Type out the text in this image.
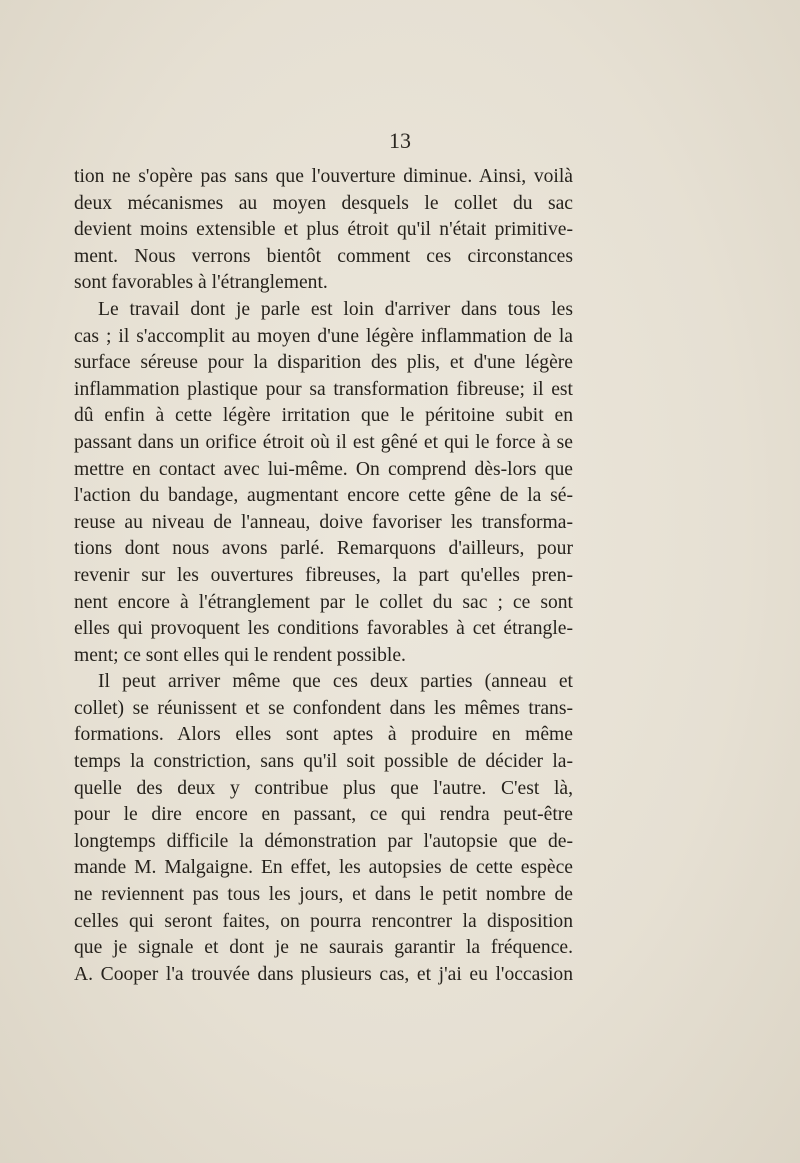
13
tion ne s'opère pas sans que l'ouverture diminue. Ainsi, voilà
deux mécanismes au moyen desquels le collet du sac
devient moins extensible et plus étroit qu'il n'était primitive-
ment. Nous verrons bientôt comment ces circonstances
sont favorables à l'étranglement.
Le travail dont je parle est loin d'arriver dans tous les
cas ; il s'accomplit au moyen d'une légère inflammation de la
surface séreuse pour la disparition des plis, et d'une légère
inflammation plastique pour sa transformation fibreuse; il est
dû enfin à cette légère irritation que le péritoine subit en
passant dans un orifice étroit où il est gêné et qui le force à se
mettre en contact avec lui-même. On comprend dès-lors que
l'action du bandage, augmentant encore cette gêne de la sé-
reuse au niveau de l'anneau, doive favoriser les transforma-
tions dont nous avons parlé. Remarquons d'ailleurs, pour
revenir sur les ouvertures fibreuses, la part qu'elles pren-
nent encore à l'étranglement par le collet du sac ; ce sont
elles qui provoquent les conditions favorables à cet étrangle-
ment; ce sont elles qui le rendent possible.
Il peut arriver même que ces deux parties (anneau et
collet) se réunissent et se confondent dans les mêmes trans-
formations. Alors elles sont aptes à produire en même
temps la constriction, sans qu'il soit possible de décider la-
quelle des deux y contribue plus que l'autre. C'est là,
pour le dire encore en passant, ce qui rendra peut-être
longtemps difficile la démonstration par l'autopsie que de-
mande M. Malgaigne. En effet, les autopsies de cette espèce
ne reviennent pas tous les jours, et dans le petit nombre de
celles qui seront faites, on pourra rencontrer la disposition
que je signale et dont je ne saurais garantir la fréquence.
A. Cooper l'a trouvée dans plusieurs cas, et j'ai eu l'occasion
